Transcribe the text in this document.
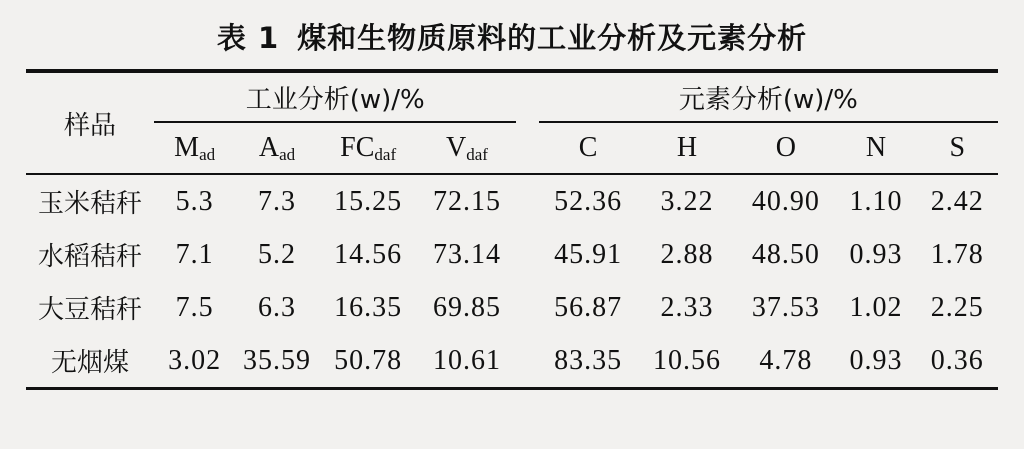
表 1 煤和生物质原料的工业分析及元素分析

样品	工业分析(w)/%					元素分析(w)/%				
	$M_{ad}$	$A_{ad}$	$FC_{daf}$	$V_{daf}$		C	H	O	N	S

玉米秸秆	5.3	7.3	15.25	72.15		52.36	3.22	40.90	1.10	2.42
水稻秸秆	7.1	5.2	14.56	73.14		45.91	2.88	48.50	0.93	1.78
大豆秸秆	7.5	6.3	16.35	69.85		56.87	2.33	37.53	1.02	2.25
无烟煤	3.02	35.59	50.78	10.61		83.35	10.56	4.78	0.93	0.36
